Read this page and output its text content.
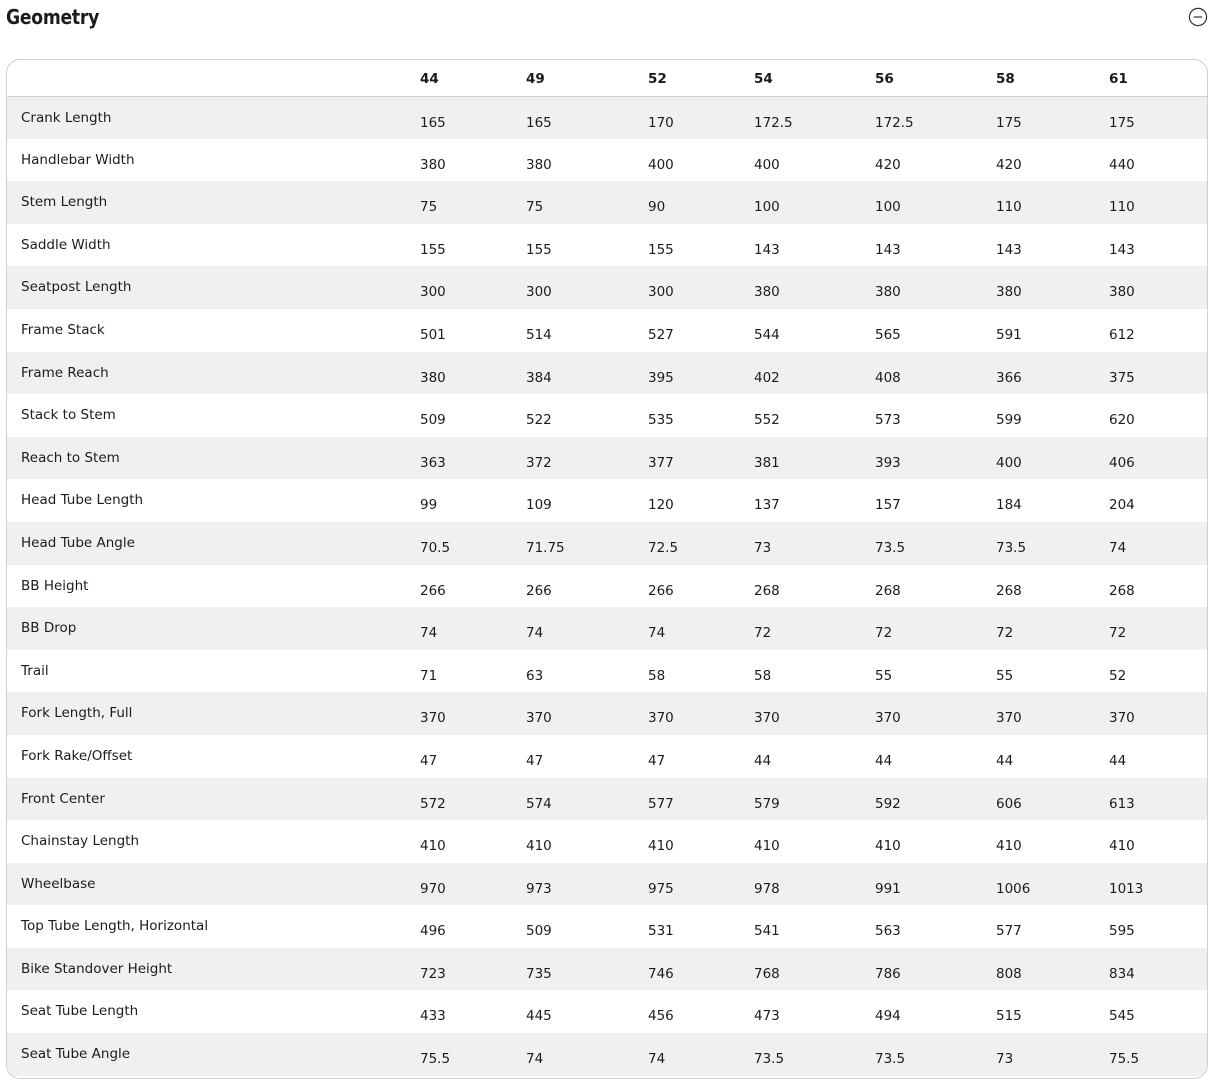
Geometry
	44	49	52	54	56	58	61
Crank Length	165	165	170	172.5	172.5	175	175
Handlebar Width	380	380	400	400	420	420	440
Stem Length	75	75	90	100	100	110	110
Saddle Width	155	155	155	143	143	143	143
Seatpost Length	300	300	300	380	380	380	380
Frame Stack	501	514	527	544	565	591	612
Frame Reach	380	384	395	402	408	366	375
Stack to Stem	509	522	535	552	573	599	620
Reach to Stem	363	372	377	381	393	400	406
Head Tube Length	99	109	120	137	157	184	204
Head Tube Angle	70.5	71.75	72.5	73	73.5	73.5	74
BB Height	266	266	266	268	268	268	268
BB Drop	74	74	74	72	72	72	72
Trail	71	63	58	58	55	55	52
Fork Length, Full	370	370	370	370	370	370	370
Fork Rake/Offset	47	47	47	44	44	44	44
Front Center	572	574	577	579	592	606	613
Chainstay Length	410	410	410	410	410	410	410
Wheelbase	970	973	975	978	991	1006	1013
Top Tube Length, Horizontal	496	509	531	541	563	577	595
Bike Standover Height	723	735	746	768	786	808	834
Seat Tube Length	433	445	456	473	494	515	545
Seat Tube Angle	75.5	74	74	73.5	73.5	73	75.5
